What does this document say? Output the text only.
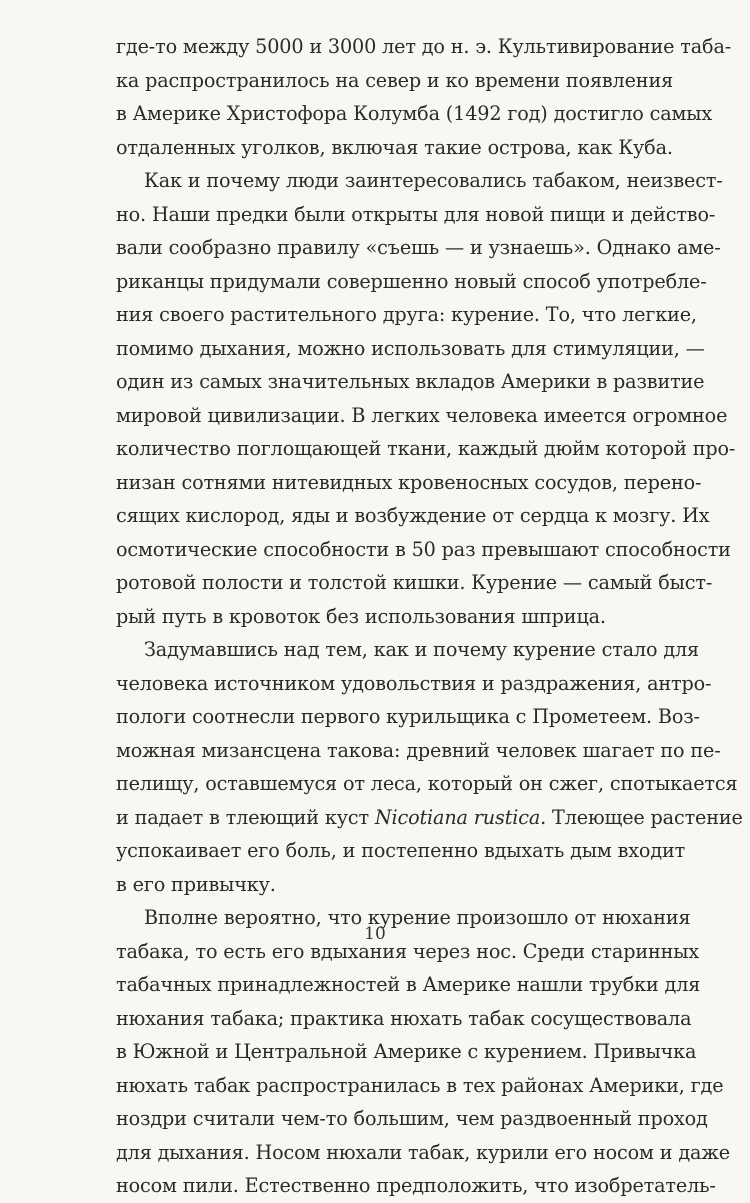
где-то между 5000 и 3000 лет до н. э. Культивирование таба-
ка распространилось на север и ко времени появления
в Америке Христофора Колумба (1492 год) достигло самых
отдаленных уголков, включая такие острова, как Куба.
Как и почему люди заинтересовались табаком, неизвест-
но. Наши предки были открыты для новой пищи и действо-
вали сообразно правилу «съешь — и узнаешь». Однако аме-
риканцы придумали совершенно новый способ употребле-
ния своего растительного друга: курение. То, что легкие,
помимо дыхания, можно использовать для стимуляции, —
один из самых значительных вкладов Америки в развитие
мировой цивилизации. В легких человека имеется огромное
количество поглощающей ткани, каждый дюйм которой про-
низан сотнями нитевидных кровеносных сосудов, перено-
сящих кислород, яды и возбуждение от сердца к мозгу. Их
осмотические способности в 50 раз превышают способности
ротовой полости и толстой кишки. Курение — самый быст-
рый путь в кровоток без использования шприца.
Задумавшись над тем, как и почему курение стало для
человека источником удовольствия и раздражения, антро-
пологи соотнесли первого курильщика с Прометеем. Воз-
можная мизансцена такова: древний человек шагает по пе-
пелищу, оставшемуся от леса, который он сжег, спотыкается
и падает в тлеющий куст Nicotiana rustica. Тлеющее растение
успокаивает его боль, и постепенно вдыхать дым входит
в его привычку.
Вполне вероятно, что курение произошло от нюхания
табака, то есть его вдыхания через нос. Среди старинных
табачных принадлежностей в Америке нашли трубки для
нюхания табака; практика нюхать табак сосуществовала
в Южной и Центральной Америке с курением. Привычка
нюхать табак распространилась в тех районах Америки, где
ноздри считали чем-то большим, чем раздвоенный проход
для дыхания. Носом нюхали табак, курили его носом и даже
носом пили. Естественно предположить, что изобретатель-
10
